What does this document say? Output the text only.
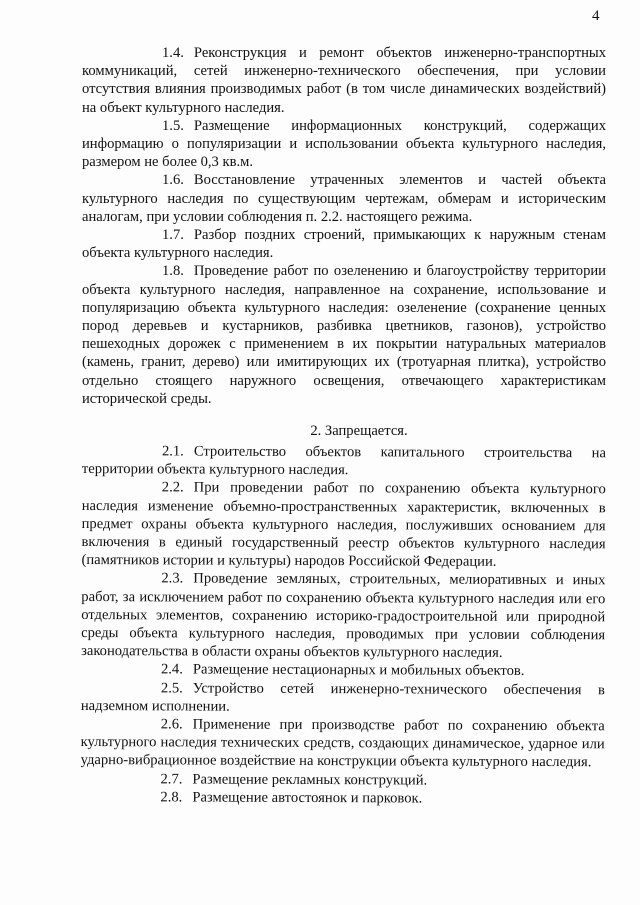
4

1.4. Реконструкция и ремонт объектов инженерно-транспортных коммуникаций, сетей инженерно-технического обеспечения, при условии отсутствия влияния производимых работ (в том числе динамических воздействий) на объект культурного наследия.

1.5. Размещение информационных конструкций, содержащих информацию о популяризации и использовании объекта культурного наследия, размером не более 0,3 кв.м.

1.6. Восстановление утраченных элементов и частей объекта культурного наследия по существующим чертежам, обмерам и историческим аналогам, при условии соблюдения п. 2.2. настоящего режима.

1.7. Разбор поздних строений, примыкающих к наружным стенам объекта культурного наследия.

1.8. Проведение работ по озеленению и благоустройству территории объекта культурного наследия, направленное на сохранение, использование и популяризацию объекта культурного наследия: озеленение (сохранение ценных пород деревьев и кустарников, разбивка цветников, газонов), устройство пешеходных дорожек с применением в их покрытии натуральных материалов (камень, гранит, дерево) или имитирующих их (тротуарная плитка), устройство отдельно стоящего наружного освещения, отвечающего характеристикам исторической среды.

2. Запрещается.

2.1. Строительство объектов капитального строительства на территории объекта культурного наследия.

2.2. При проведении работ по сохранению объекта культурного наследия изменение объемно-пространственных характеристик, включенных в предмет охраны объекта культурного наследия, послуживших основанием для включения в единый государственный реестр объектов культурного наследия (памятников истории и культуры) народов Российской Федерации.

2.3. Проведение земляных, строительных, мелиоративных и иных работ, за исключением работ по сохранению объекта культурного наследия или его отдельных элементов, сохранению историко-градостроительной или природной среды объекта культурного наследия, проводимых при условии соблюдения законодательства в области охраны объектов культурного наследия.

2.4. Размещение нестационарных и мобильных объектов.

2.5. Устройство сетей инженерно-технического обеспечения в надземном исполнении.

2.6. Применение при производстве работ по сохранению объекта культурного наследия технических средств, создающих динамическое, ударное или ударно-вибрационное воздействие на конструкции объекта культурного наследия.

2.7. Размещение рекламных конструкций.

2.8. Размещение автостоянок и парковок.
